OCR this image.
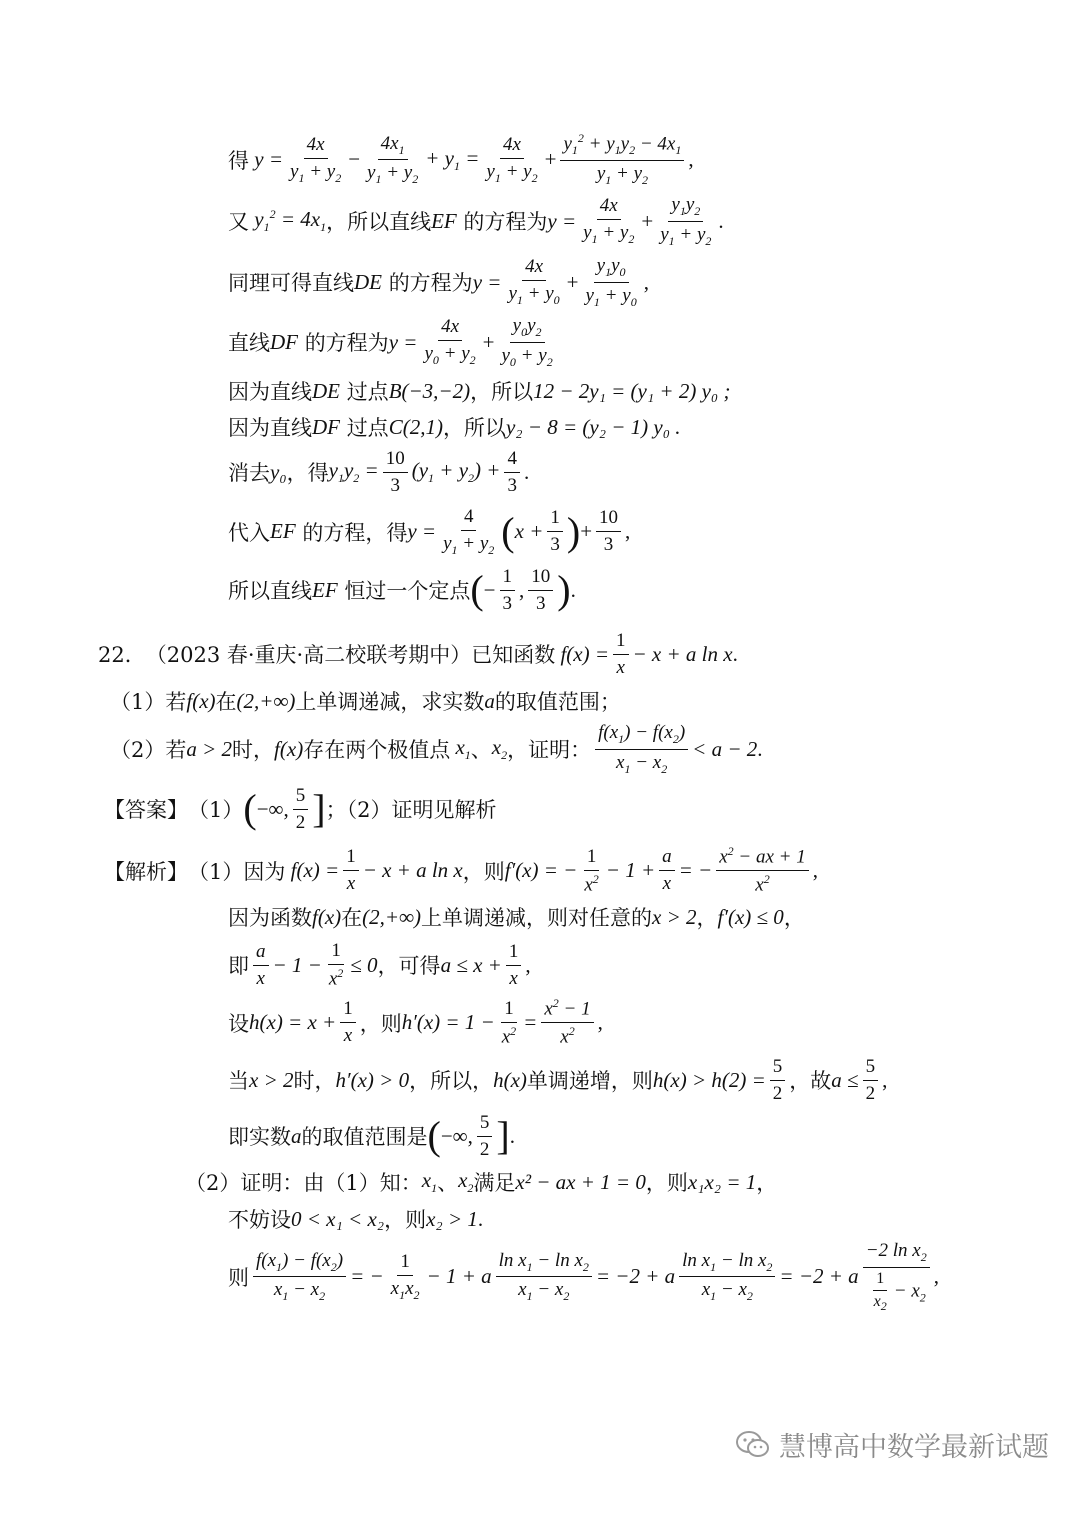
得 $y = \frac{4x}{y_1 + y_2} - \frac{4x_1}{y_1 + y_2} + y_1 = \frac{4x}{y_1 + y_2} + \frac{y_1^2 + y_1y_2 - 4x_1}{y_1 + y_2}$ ,
又 $y_1^2 = 4x_1$ ，所以直线 EF
的方程为 $y = \frac{4x}{y_1 + y_2} + \frac{y_1y_2}{y_1 + y_2}$ .
同理可得直线 DE
的方程为 $y = \frac{4x}{y_1 + y_0} + \frac{y_1y_0}{y_1 + y_0}$ ,
直线 DF
的方程为 $y = \frac{4x}{y_0 + y_2} + \frac{y_0y_2}{y_0 + y_2}$
因为直线 DE
过点 B(−3,−2) ，所以 12 − 2y₁ = (y₁ + 2) y₀ ;
因为直线 DF
过点 C(2,1) ，所以 y₂ − 8 = (y₂ − 1) y₀ .
消去 y₀ ，得 $y_1y_2 = \frac{10}{3} (y_1 + y_2) + \frac{4}{3}$ .
代入 EF
的方程，得 $y = \frac{4}{y_1 + y_2}$ ( $x + \frac{1}{3}$ ) + $\frac{10}{3}$ ,
所以直线 EF
恒过一个定点 ( − $\frac{1}{3}$ , $\frac{10}{3}$ ) .
22． （2023 春·重庆·高二校联考期中） 已知函数 $f(x) = \frac{1}{x} - x + a$ ln x .
（1）若 f(x) 在 (2,+∞) 上单调递减，求实数 a 的取值范围；
（2）若 a > 2 时， f(x) 存在两个极值点 $x_1$ 、 $x_2$ ，证明： $\frac{f(x_1) - f(x_2)}{x_1 - x_2} < a - 2$ .
【答案】 （1） ( −∞, $\frac{5}{2}$ ] ；（2）证明见解析
【解析】 （1）因为 $f(x) = \frac{1}{x} - x + a$ ln x ，则 f′(x) = − $\frac{1}{x^2} - 1 + \frac{a}{x}$ = − $\frac{x^2 - ax + 1}{x^2}$ ,
因为函数 f(x) 在 (2,+∞) 上单调递减，则对任意的 x > 2 ， f′(x) ≤ 0 ，
即 $\frac{a}{x} - 1 - \frac{1}{x^2} \le 0$ ，可得 $a \le x + \frac{1}{x}$ ,
设 $h(x) = x + \frac{1}{x}$ ，则 $h'(x) = 1 - \frac{1}{x^2} = \frac{x^2 - 1}{x^2}$ ,
当 x > 2 时， h′(x) > 0 ，所以， h(x) 单调递增，则 $h(x) > h(2) = \frac{5}{2}$ ，故 $a \le \frac{5}{2}$ ,
即实数 a 的取值范围是 ( −∞, $\frac{5}{2}$ ] .
（2）证明：由（1）知： $x_1$ 、 $x_2$ 满足 x² − ax + 1 = 0 ，则 x₁x₂ = 1 ，
不妨设 0 < x₁ < x₂ ，则 x₂ > 1 .
则 $\frac{f(x_1) - f(x_2)}{x_1 - x_2}$ = − $\frac{1}{x_1x_2} - 1 + a \frac{\ln x_1 - \ln x_2}{x_1 - x_2} = -2 + a \frac{\ln x_1 - \ln x_2}{x_1 - x_2} = -2 + a \frac{-2 \ln x_2}{\frac{1}{x_2} - x_2}$ ,
慧博高中数学最新试题
